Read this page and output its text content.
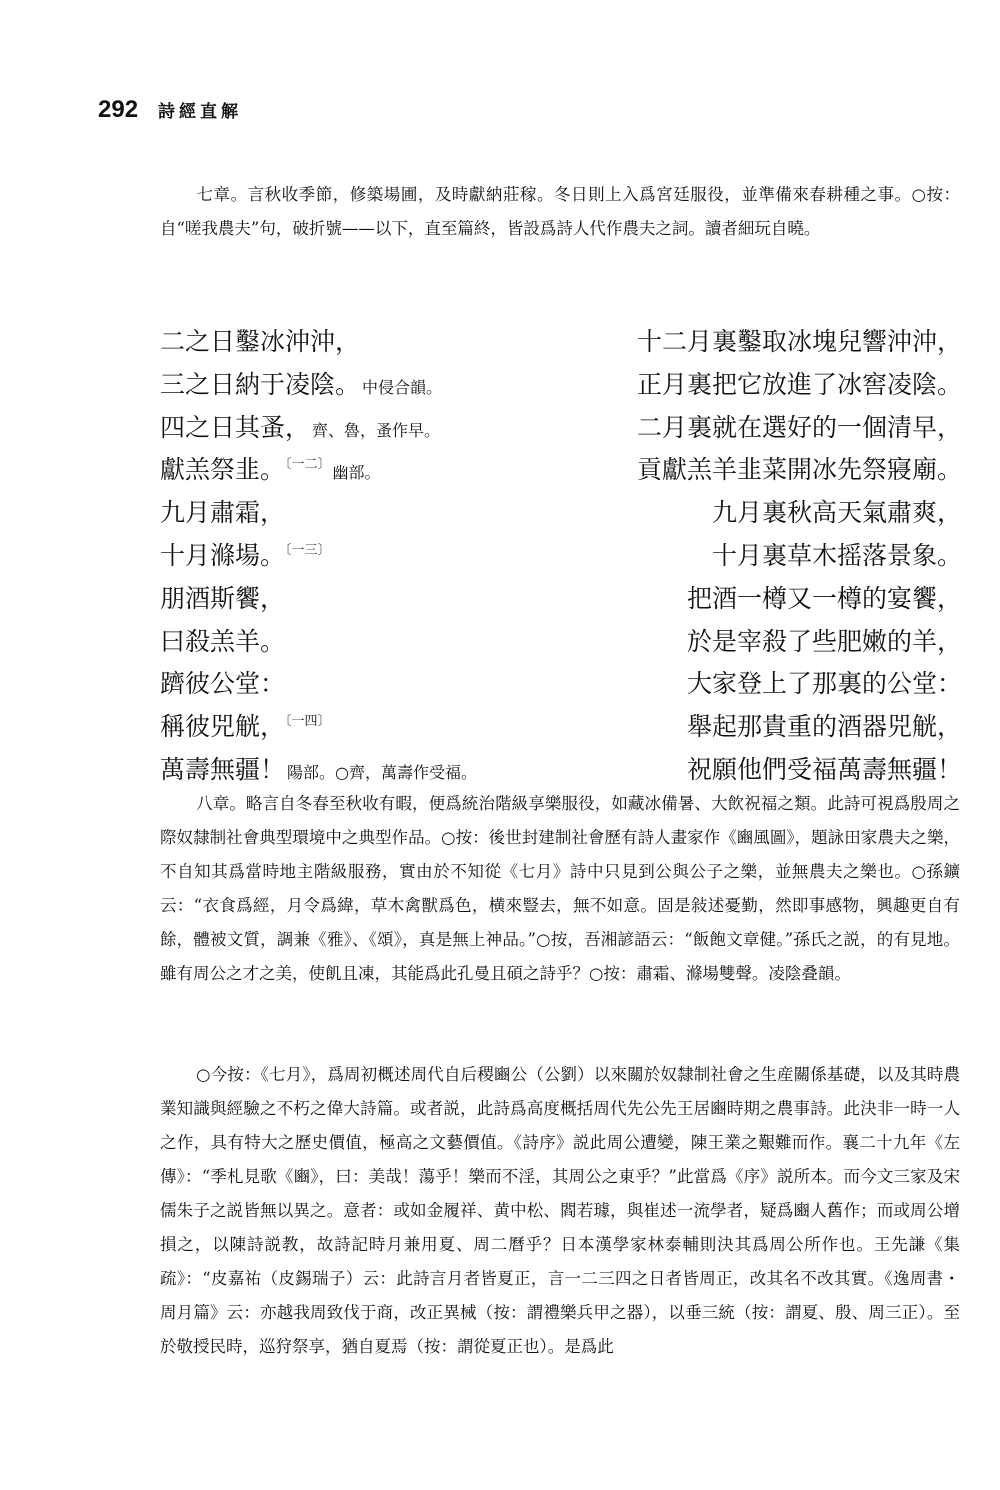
292 詩經直解

七章。言秋收季節，修築場圃，及時獻納莊稼。冬日則上入爲宮廷服役，並準備來春耕種之事。○按：自“嗟我農夫”句，破折號——以下，直至篇終，皆設爲詩人代作農夫之詞。讀者細玩自曉。

二之日鑿冰沖沖，	十二月裏鑿取冰塊兒響沖沖，
三之日納于凌陰。 中侵合韻。	正月裏把它放進了冰窖凌陰。
四之日其蚤， 齊、魯，蚤作早。	二月裏就在選好的一個清早，
獻羔祭韭。$^{〔一二〕}$ 幽部。	貢獻羔羊韭菜開冰先祭寢廟。
九月肅霜，	九月裏秋高天氣肅爽，
十月滌場。$^{〔一三〕}$	十月裏草木摇落景象。
朋酒斯饗，	把酒一樽又一樽的宴饗，
曰殺羔羊。	於是宰殺了些肥嫩的羊，
躋彼公堂：	大家登上了那裏的公堂：
稱彼兕觥，$^{〔一四〕}$	舉起那貴重的酒器兕觥，
萬壽無疆！ 陽部。○齊，萬壽作受福。	祝願他們受福萬壽無疆！

八章。略言自冬春至秋收有暇，便爲統治階級享樂服役，如藏冰備暑、大飲祝福之類。此詩可視爲殷周之際奴隸制社會典型環境中之典型作品。○按：後世封建制社會歷有詩人畫家作《豳風圖》，題詠田家農夫之樂，不自知其爲當時地主階級服務，實由於不知從《七月》詩中只見到公與公子之樂，並無農夫之樂也。○孫鑛云：“衣食爲經，月令爲緯，草木禽獸爲色，横來豎去，無不如意。固是敍述憂勤，然即事感物，興趣更自有餘，體被文質，調兼《雅》、《頌》，真是無上神品。”○按，吾湘諺語云：“飯飽文章健。”孫氏之説，的有見地。雖有周公之才之美，使飢且凍，其能爲此孔曼且碩之詩乎？○按：肅霜、滌場雙聲。凌陰叠韻。

○今按：《七月》，爲周初概述周代自后稷豳公（公劉）以來關於奴隸制社會之生産關係基礎，以及其時農業知識與經驗之不朽之偉大詩篇。或者説，此詩爲高度概括周代先公先王居豳時期之農事詩。此決非一時一人之作，具有特大之歷史價值，極高之文藝價值。《詩序》説此周公遭變，陳王業之艱難而作。襄二十九年《左傳》：“季札見歌《豳》，曰：美哉！蕩乎！樂而不淫，其周公之東乎？”此當爲《序》説所本。而今文三家及宋儒朱子之説皆無以異之。意者：或如金履祥、黄中松、閻若璩，與崔述一流學者，疑爲豳人舊作；而或周公增損之，以陳詩説教，故詩記時月兼用夏、周二曆乎？日本漢學家林泰輔則決其爲周公所作也。王先謙《集疏》：“皮嘉祐（皮錫瑞子）云：此詩言月者皆夏正，言一二三四之日者皆周正，改其名不改其實。《逸周書・周月篇》云：亦越我周致伐于商，改正異械（按：謂禮樂兵甲之器），以垂三統（按：謂夏、殷、周三正）。至於敬授民時，巡狩祭享，猶自夏焉（按：謂從夏正也）。是爲此
